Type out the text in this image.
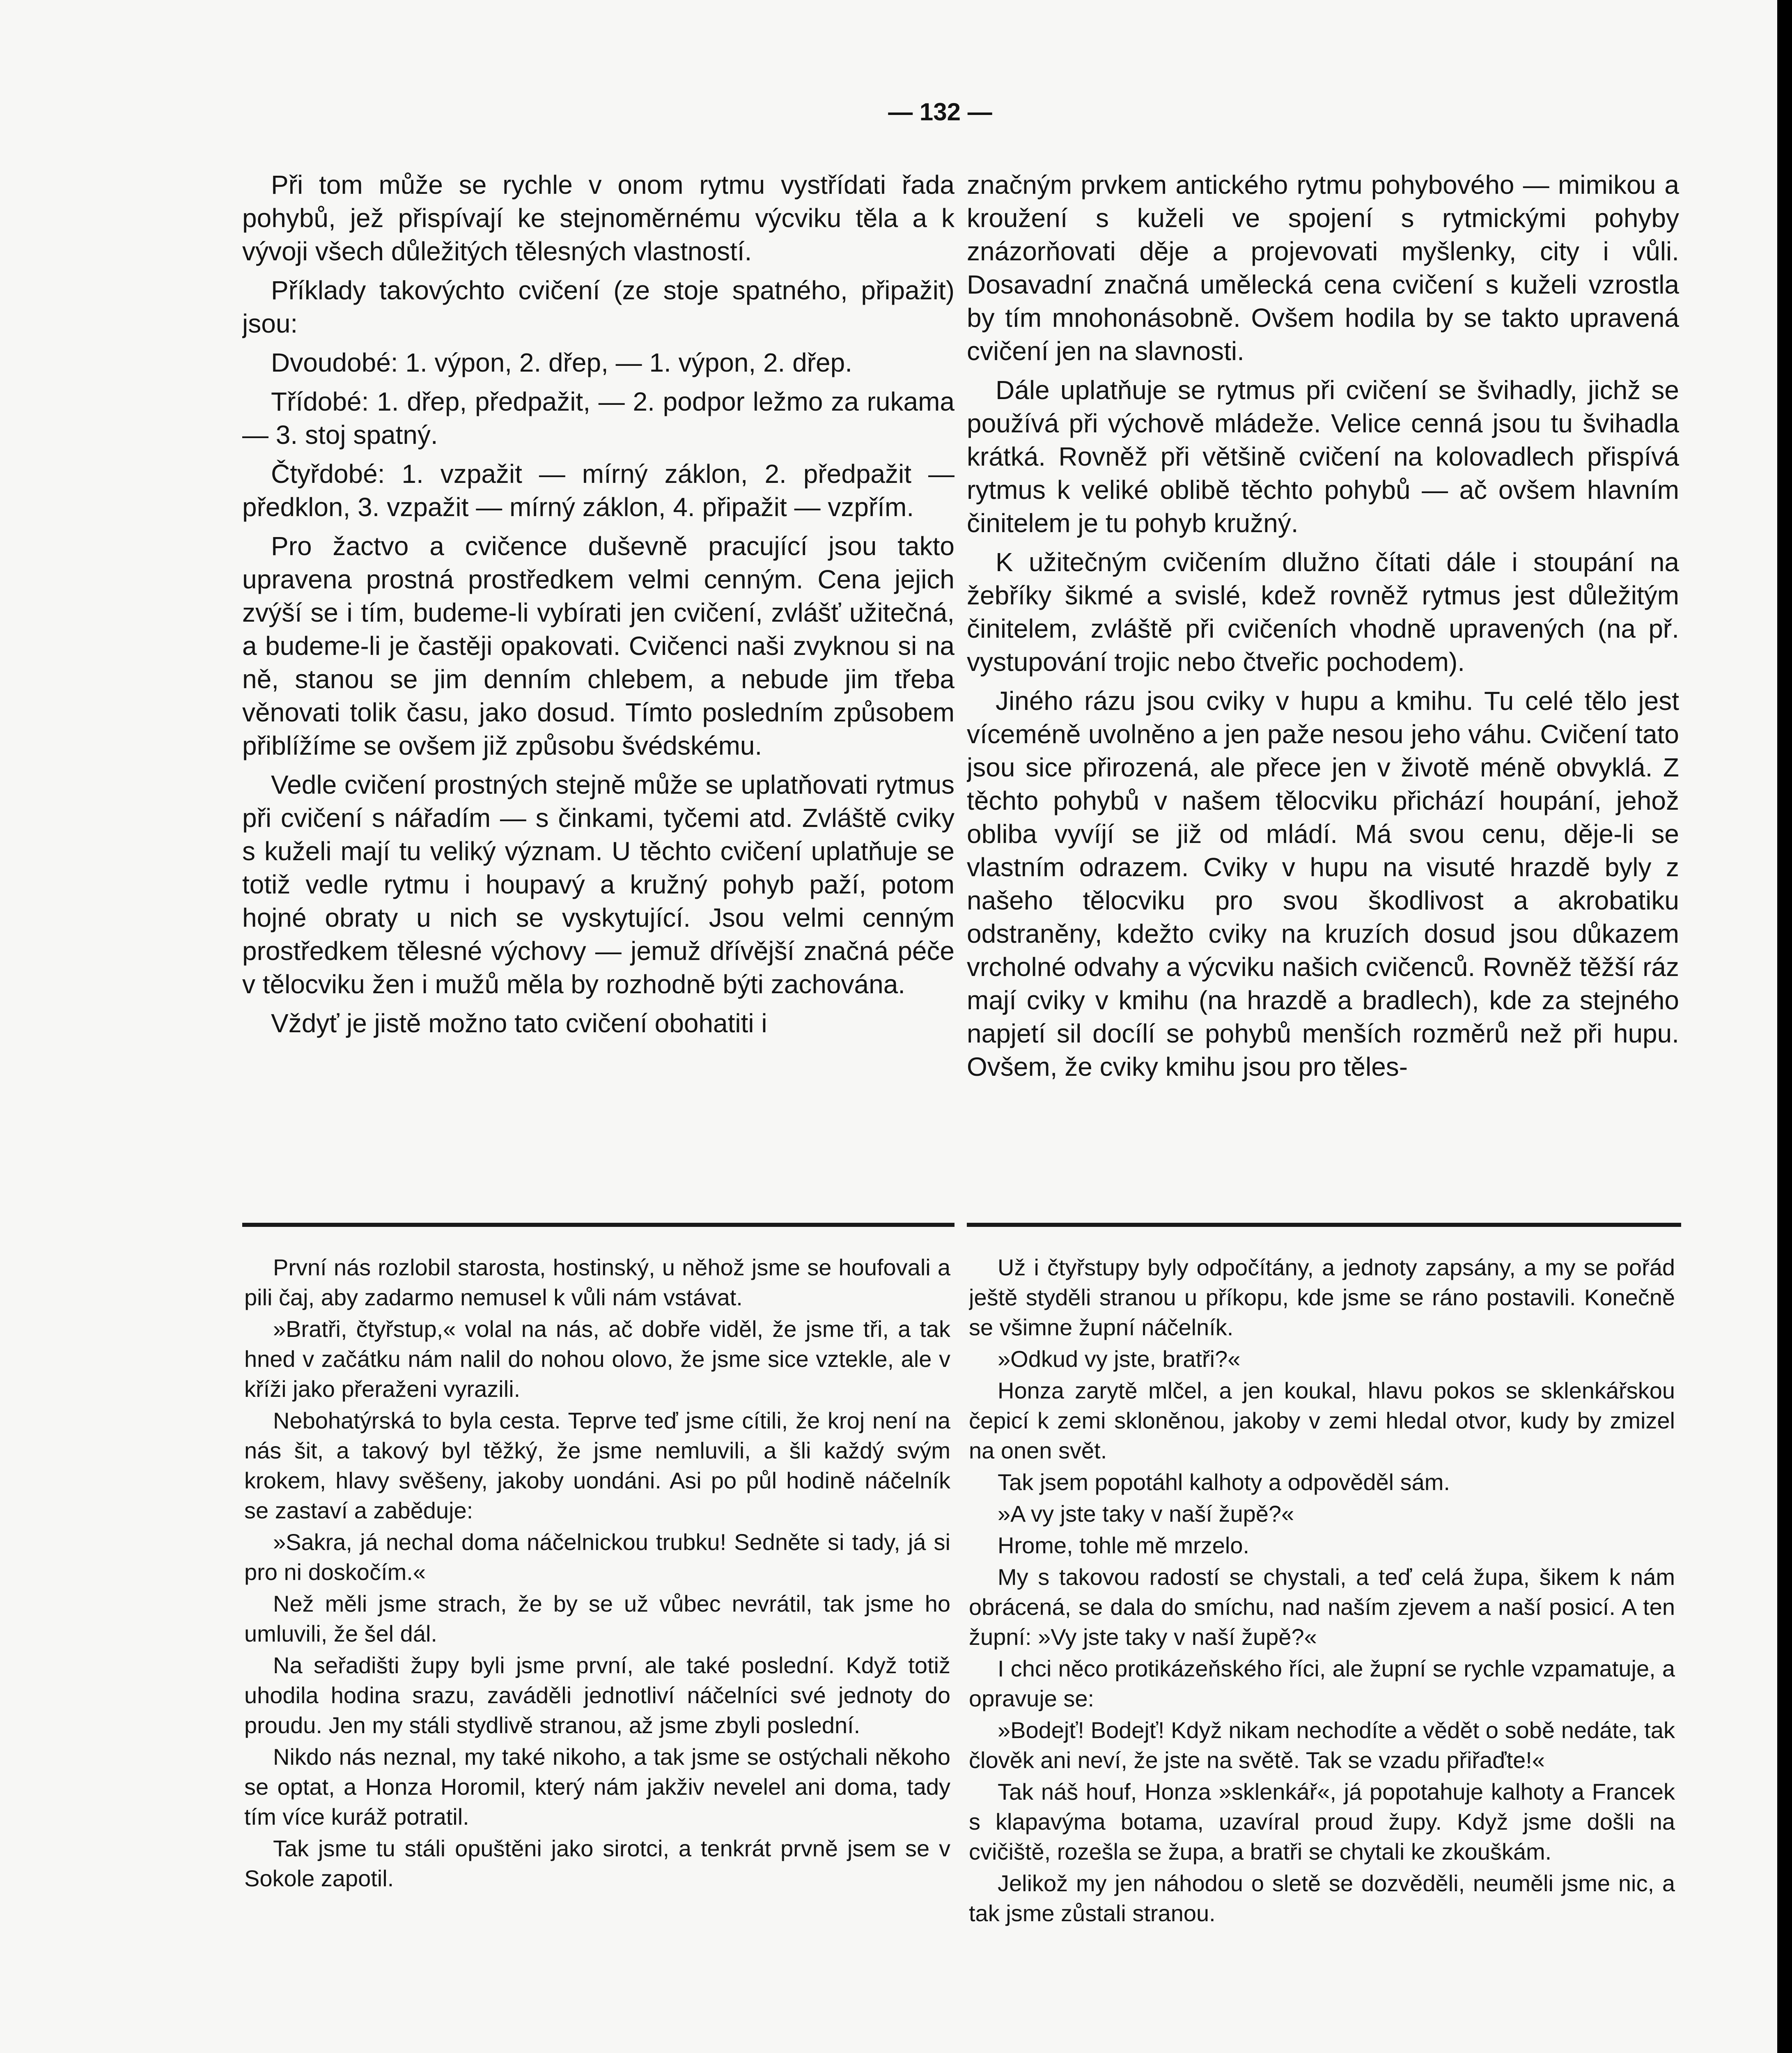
— 132 —

Při tom může se rychle v onom rytmu vystřídati řada pohybů, jež přispívají ke stejnoměrnému výcviku těla a k vývoji všech důležitých tělesných vlastností.

Příklady takovýchto cvičení (ze stoje spatného, připažit) jsou:

Dvoudobé: 1. výpon, 2. dřep, — 1. výpon, 2. dřep.

Třídobé: 1. dřep, předpažit, — 2. podpor ležmo za rukama — 3. stoj spatný.

Čtyřdobé: 1. vzpažit — mírný záklon, 2. předpažit — předklon, 3. vzpažit — mírný záklon, 4. připažit — vzpřím.

Pro žactvo a cvičence duševně pracující jsou takto upravena prostná prostředkem velmi cenným. Cena jejich zvýší se i tím, budeme-li vybírati jen cvičení, zvlášť užitečná, a budeme-li je častěji opakovati. Cvičenci naši zvyknou si na ně, stanou se jim denním chlebem, a nebude jim třeba věnovati tolik času, jako dosud. Tímto posledním způsobem přiblížíme se ovšem již způsobu švédskému.

Vedle cvičení prostných stejně může se uplatňovati rytmus při cvičení s nářadím — s činkami, tyčemi atd. Zvláště cviky s kuželi mají tu veliký význam. U těchto cvičení uplatňuje se totiž vedle rytmu i houpavý a kružný pohyb paží, potom hojné obraty u nich se vyskytující. Jsou velmi cenným prostředkem tělesné výchovy — jemuž dřívější značná péče v tělocviku žen i mužů měla by rozhodně býti zachována.

Vždyť je jistě možno tato cvičení obohatiti i

značným prvkem antického rytmu pohybového — mimikou a kroužení s kuželi ve spojení s rytmickými pohyby znázorňovati děje a projevovati myšlenky, city i vůli. Dosavadní značná umělecká cena cvičení s kuželi vzrostla by tím mnohonásobně. Ovšem hodila by se takto upravená cvičení jen na slavnosti.

Dále uplatňuje se rytmus při cvičení se švihadly, jichž se používá při výchově mládeže. Velice cenná jsou tu švihadla krátká. Rovněž při většině cvičení na kolovadlech přispívá rytmus k veliké oblibě těchto pohybů — ač ovšem hlavním činitelem je tu pohyb kružný.

K užitečným cvičením dlužno čítati dále i stoupání na žebříky šikmé a svislé, kdež rovněž rytmus jest důležitým činitelem, zvláště při cvičeních vhodně upravených (na př. vystupování trojic nebo čtveřic pochodem).

Jiného rázu jsou cviky v hupu a kmihu. Tu celé tělo jest víceméně uvolněno a jen paže nesou jeho váhu. Cvičení tato jsou sice přirozená, ale přece jen v životě méně obvyklá. Z těchto pohybů v našem tělocviku přichází houpání, jehož obliba vyvíjí se již od mládí. Má svou cenu, děje-li se vlastním odrazem. Cviky v hupu na visuté hrazdě byly z našeho tělocviku pro svou škodlivost a akrobatiku odstraněny, kdežto cviky na kruzích dosud jsou důkazem vrcholné odvahy a výcviku našich cvičenců. Rovněž těžší ráz mají cviky v kmihu (na hrazdě a bradlech), kde za stejného napjetí sil docílí se pohybů menších rozměrů než při hupu. Ovšem, že cviky kmihu jsou pro těles-

První nás rozlobil starosta, hostinský, u něhož jsme se houfovali a pili čaj, aby zadarmo nemusel k vůli nám vstávat.

»Bratři, čtyřstup,« volal na nás, ač dobře viděl, že jsme tři, a tak hned v začátku nám nalil do nohou olovo, že jsme sice vztekle, ale v kříži jako přeraženi vyrazili.

Nebohatýrská to byla cesta. Teprve teď jsme cítili, že kroj není na nás šit, a takový byl těžký, že jsme nemluvili, a šli každý svým krokem, hlavy svěšeny, jakoby uondáni. Asi po půl hodině náčelník se zastaví a zaběduje:

»Sakra, já nechal doma náčelnickou trubku! Sedněte si tady, já si pro ni doskočím.«

Než měli jsme strach, že by se už vůbec nevrátil, tak jsme ho umluvili, že šel dál.

Na seřadišti župy byli jsme první, ale také poslední. Když totiž uhodila hodina srazu, zaváděli jednotliví náčelníci své jednoty do proudu. Jen my stáli stydlivě stranou, až jsme zbyli poslední.

Nikdo nás neznal, my také nikoho, a tak jsme se ostýchali někoho se optat, a Honza Horomil, který nám jakživ nevelel ani doma, tady tím více kuráž potratil.

Tak jsme tu stáli opuštěni jako sirotci, a tenkrát prvně jsem se v Sokole zapotil.

Už i čtyřstupy byly odpočítány, a jednoty zapsány, a my se pořád ještě styděli stranou u příkopu, kde jsme se ráno postavili. Konečně se všimne župní náčelník.

»Odkud vy jste, bratři?«

Honza zarytě mlčel, a jen koukal, hlavu pokos se sklenkářskou čepicí k zemi skloněnou, jakoby v zemi hledal otvor, kudy by zmizel na onen svět.

Tak jsem popotáhl kalhoty a odpověděl sám.

»A vy jste taky v naší župě?«

Hrome, tohle mě mrzelo.

My s takovou radostí se chystali, a teď celá župa, šikem k nám obrácená, se dala do smíchu, nad naším zjevem a naší posicí. A ten župní: »Vy jste taky v naší župě?«

I chci něco protikázeňského říci, ale župní se rychle vzpamatuje, a opravuje se:

»Bodejť! Bodejť! Když nikam nechodíte a vědět o sobě nedáte, tak člověk ani neví, že jste na světě. Tak se vzadu přiřaďte!«

Tak náš houf, Honza »sklenkář«, já popotahuje kalhoty a Francek s klapavýma botama, uzavíral proud župy. Když jsme došli na cvičiště, rozešla se župa, a bratři se chytali ke zkouškám.

Jelikož my jen náhodou o sletě se dozvěděli, neuměli jsme nic, a tak jsme zůstali stranou.
